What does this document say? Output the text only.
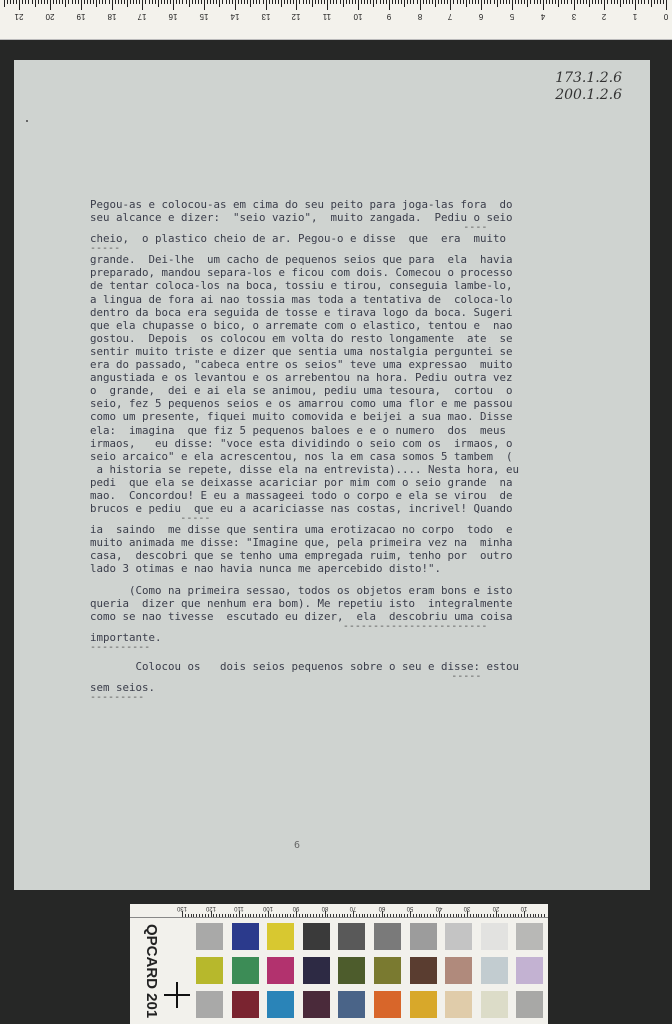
21	20	19	18	17	16	15	14	13	12	11	10	9	8	7	6	5	4	3	2	1	0
173.1.2.6
200.1.2.6
Pegou-as e colocou-as em cima do seu peito para joga-las fora  do
seu alcance e dizer:  "seio vazio",  muito zangada.  Pediu o seio
----
cheio,  o plastico cheio de ar. Pegou-o e disse  que  era  muito
-----
grande.  Dei-lhe  um cacho de pequenos seios que para  ela  havia
preparado, mandou separa-los e ficou com dois. Comecou o processo
de tentar coloca-los na boca, tossiu e tirou, conseguia lambe-lo,
a lingua de fora ai nao tossia mas toda a tentativa de  coloca-lo
dentro da boca era seguida de tosse e tirava logo da boca. Sugeri
que ela chupasse o bico, o arremate com o elastico, tentou e  nao
gostou.  Depois  os colocou em volta do resto longamente  ate  se
sentir muito triste e dizer que sentia uma nostalgia perguntei se
era do passado, "cabeca entre os seios" teve uma expressao  muito
angustiada e os levantou e os arrebentou na hora. Pediu outra vez
o  grande,  dei e ai ela se animou, pediu uma tesoura,  cortou  o
seio, fez 5 pequenos seios e os amarrou como uma flor e me passou
como um presente, fiquei muito comovida e beijei a sua mao. Disse
ela:  imagina  que fiz 5 pequenos baloes e e o numero  dos  meus
irmaos,   eu disse: "voce esta dividindo o seio com os  irmaos, o
seio arcaico" e ela acrescentou, nos la em casa somos 5 tambem  (
a historia se repete, disse ela na entrevista).... Nesta hora, eu
pedi  que ela se deixasse acariciar por mim com o seio grande  na
mao.  Concordou! E eu a massageei todo o corpo e ela se virou  de
brucos e pediu  que eu a acariciasse nas costas, incrivel! Quando
-----
ia  saindo  me disse que sentira uma erotizacao no corpo  todo  e
muito animada me disse: "Imagine que, pela primeira vez na  minha
casa,  descobri que se tenho uma empregada ruim, tenho por  outro
lado 3 otimas e nao havia nunca me apercebido disto!".
(Como na primeira sessao, todos os objetos eram bons e isto
queria  dizer que nenhum era bom). Me repetiu isto  integralmente
como se nao tivesse  escutado eu dizer,  ela  descobriu uma coisa
------------------------
importante.
----------
Colocou os   dois seios pequenos sobre o seu e disse: estou
-----
sem seios.
---------
6
130	120	110	100	90	80	70	60	50	40	30	20	10
QPCARD 201
